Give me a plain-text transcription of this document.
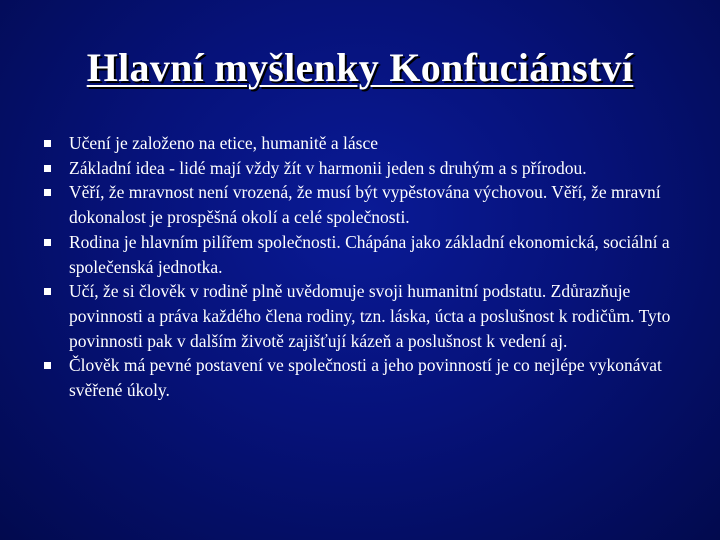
Hlavní myšlenky Konfuciánství
Učení je založeno na etice, humanitě a lásce
Základní idea - lidé mají vždy žít v harmonii jeden s druhým a s přírodou.
Věří, že mravnost není vrozená, že musí být vypěstována výchovou. Věří, že mravní dokonalost je prospěšná okolí a celé společnosti.
Rodina je hlavním pilířem společnosti. Chápána jako základní ekonomická, sociální a společenská jednotka.
Učí, že si člověk v rodině plně uvědomuje svoji humanitní podstatu. Zdůrazňuje povinnosti a práva každého člena rodiny, tzn. láska, úcta a poslušnost k rodičům. Tyto povinnosti pak v dalším životě zajišťují kázeň a poslušnost k vedení aj.
Člověk má pevné postavení ve společnosti a jeho povinností je co nejlépe vykonávat svěřené úkoly.
